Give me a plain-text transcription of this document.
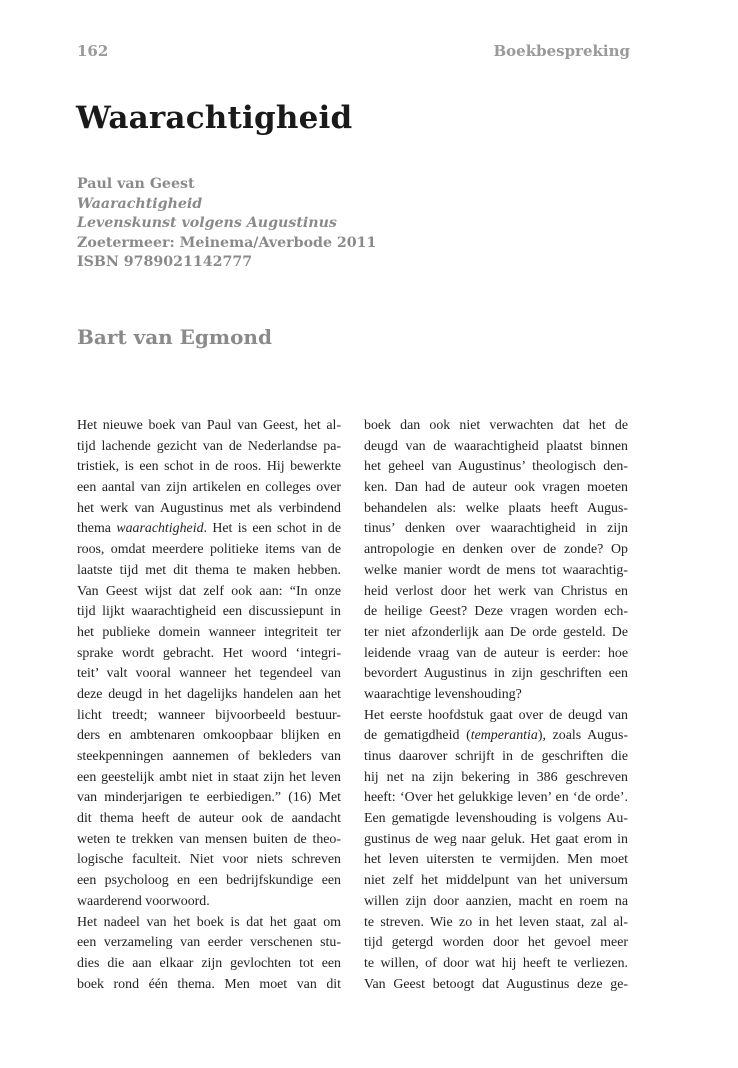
162	Boekbespreking
Waarachtigheid
Paul van Geest
Waarachtigheid
Levenskunst volgens Augustinus
Zoetermeer: Meinema/Averbode 2011
ISBN 9789021142777
Bart van Egmond
Het nieuwe boek van Paul van Geest, het al-
tijd lachende gezicht van de Nederlandse pa-
tristiek, is een schot in de roos. Hij bewerkte
een aantal van zijn artikelen en colleges over
het werk van Augustinus met als verbindend
thema waarachtigheid. Het is een schot in de
roos, omdat meerdere politieke items van de
laatste tijd met dit thema te maken hebben.
Van Geest wijst dat zelf ook aan: “In onze
tijd lijkt waarachtigheid een discussiepunt in
het publieke domein wanneer integriteit ter
sprake wordt gebracht. Het woord ‘integri-
teit’ valt vooral wanneer het tegendeel van
deze deugd in het dagelijks handelen aan het
licht treedt; wanneer bijvoorbeeld bestuur-
ders en ambtenaren omkoopbaar blijken en
steekpenningen aannemen of bekleders van
een geestelijk ambt niet in staat zijn het leven
van minderjarigen te eerbiedigen.” (16) Met
dit thema heeft de auteur ook de aandacht
weten te trekken van mensen buiten de theo-
logische faculteit. Niet voor niets schreven
een psycholoog en een bedrijfskundige een
waarderend voorwoord.
Het nadeel van het boek is dat het gaat om
een verzameling van eerder verschenen stu-
dies die aan elkaar zijn gevlochten tot een
boek rond één thema. Men moet van dit
boek dan ook niet verwachten dat het de
deugd van de waarachtigheid plaatst binnen
het geheel van Augustinus’ theologisch den-
ken. Dan had de auteur ook vragen moeten
behandelen als: welke plaats heeft Augus-
tinus’ denken over waarachtigheid in zijn
antropologie en denken over de zonde? Op
welke manier wordt de mens tot waarachtig-
heid verlost door het werk van Christus en
de heilige Geest? Deze vragen worden ech-
ter niet afzonderlijk aan De orde gesteld. De
leidende vraag van de auteur is eerder: hoe
bevordert Augustinus in zijn geschriften een
waarachtige levenshouding?
Het eerste hoofdstuk gaat over de deugd van
de gematigdheid (temperantia), zoals Augus-
tinus daarover schrijft in de geschriften die
hij net na zijn bekering in 386 geschreven
heeft: ‘Over het gelukkige leven’ en ‘de orde’.
Een gematigde levenshouding is volgens Au-
gustinus de weg naar geluk. Het gaat erom in
het leven uitersten te vermijden. Men moet
niet zelf het middelpunt van het universum
willen zijn door aanzien, macht en roem na
te streven. Wie zo in het leven staat, zal al-
tijd getergd worden door het gevoel meer
te willen, of door wat hij heeft te verliezen.
Van Geest betoogt dat Augustinus deze ge-
